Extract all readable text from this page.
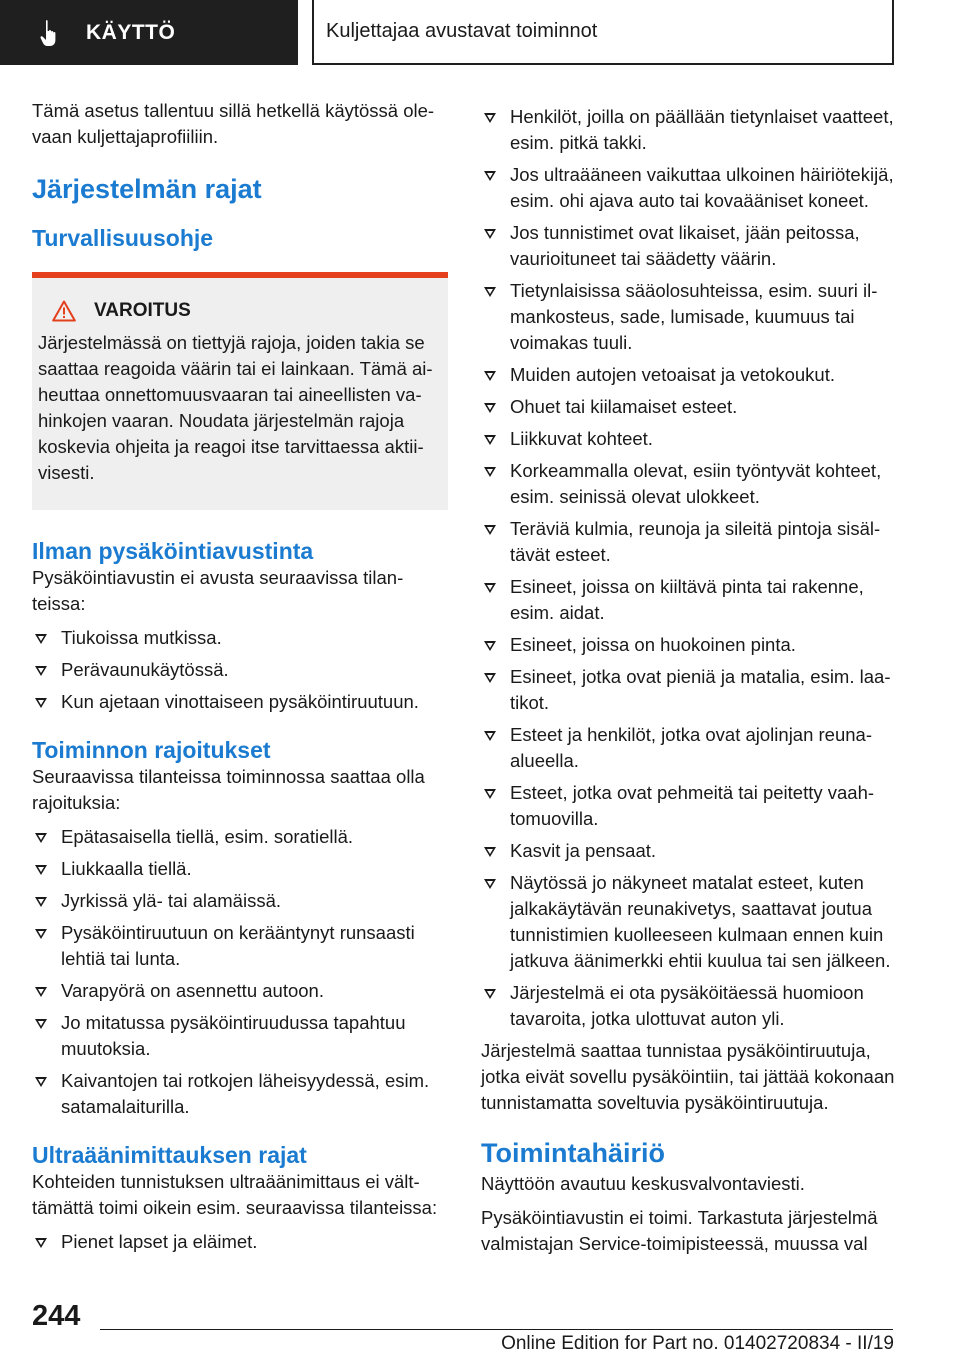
KÄYTTÖ	Kuljettajaa avustavat toiminnot

Tämä asetus tallentuu sillä hetkellä käytössä olevaan kuljettajaprofiiliin.

Järjestelmän rajat
Turvallisuusohje
VAROITUS

Järjestelmässä on tiettyjä rajoja, joiden takia se saattaa reagoida väärin tai ei lainkaan. Tämä aiheuttaa onnettomuusvaaran tai aineellisten vahinkojen vaaran. Noudata järjestelmän rajoja koskevia ohjeita ja reagoi itse tarvittaessa aktiivisesti.

Ilman pysäköintiavustinta

Pysäköintiavustin ei avusta seuraavissa tilanteissa:

Tiukoissa mutkissa.
Perävaunukäytössä.
Kun ajetaan vinottaiseen pysäköintiruutuun.
Toiminnon rajoitukset

Seuraavissa tilanteissa toiminnossa saattaa olla rajoituksia:

Epätasaisella tiellä, esim. soratiellä.
Liukkaalla tiellä.
Jyrkissä ylä- tai alamäissä.
Pysäköintiruutuun on kerääntynyt runsaasti lehtiä tai lunta.
Varapyörä on asennettu autoon.
Jo mitatussa pysäköintiruudussa tapahtuu muutoksia.
Kaivantojen tai rotkojen läheisyydessä, esim. satamalaiturilla.
Ultraäänimittauksen rajat

Kohteiden tunnistuksen ultraäänimittaus ei välttämättä toimi oikein esim. seuraavissa tilanteissa:

Pienet lapset ja eläimet.
Henkilöt, joilla on päällään tietynlaiset vaatteet, esim. pitkä takki.
Jos ultraääneen vaikuttaa ulkoinen häiriötekijä, esim. ohi ajava auto tai kovaääniset koneet.
Jos tunnistimet ovat likaiset, jään peitossa, vaurioituneet tai säädetty väärin.
Tietynlaisissa sääolosuhteissa, esim. suuri ilmankosteus, sade, lumisade, kuumuus tai voimakas tuuli.
Muiden autojen vetoaisat ja vetokoukut.
Ohuet tai kiilamaiset esteet.
Liikkuvat kohteet.
Korkeammalla olevat, esiin työntyvät kohteet, esim. seinissä olevat ulokkeet.
Teräviä kulmia, reunoja ja sileitä pintoja sisältävät esteet.
Esineet, joissa on kiiltävä pinta tai rakenne, esim. aidat.
Esineet, joissa on huokoinen pinta.
Esineet, jotka ovat pieniä ja matalia, esim. laatikot.
Esteet ja henkilöt, jotka ovat ajolinjan reunaalueella.
Esteet, jotka ovat pehmeitä tai peitetty vaahtomuovilla.
Kasvit ja pensaat.
Näytössä jo näkyneet matalat esteet, kuten jalkakäytävän reunakivetys, saattavat joutua tunnistimien kuolleeseen kulmaan ennen kuin jatkuva äänimerkki ehtii kuulua tai sen jälkeen.
Järjestelmä ei ota pysäköitäessä huomioon tavaroita, jotka ulottuvat auton yli.

Järjestelmä saattaa tunnistaa pysäköintiruutuja, jotka eivät sovellu pysäköintiin, tai jättää kokonaan tunnistamatta soveltuvia pysäköintiruutuja.

Toimintahäiriö

Näyttöön avautuu keskusvalvontaviesti.

Pysäköintiavustin ei toimi. Tarkastuta järjestelmä valmistajan Service-toimipisteessä, muussa val

244
Online Edition for Part no. 01402720834 - II/19
